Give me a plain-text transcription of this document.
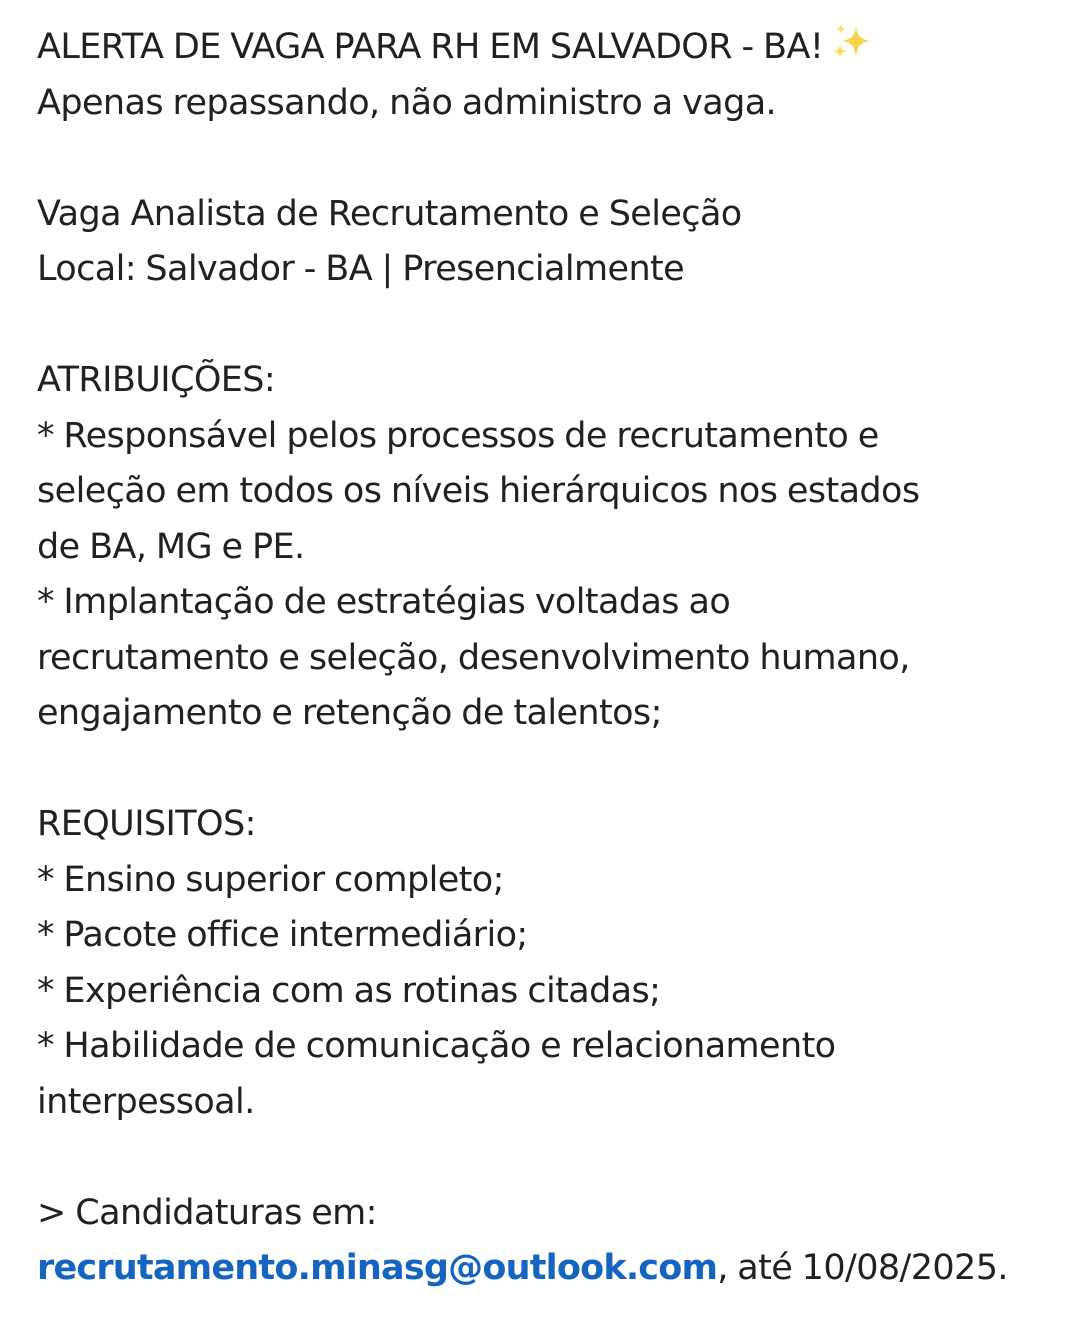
ALERTA DE VAGA PARA RH EM SALVADOR - BA!
Apenas repassando, não administro a vaga.
Vaga Analista de Recrutamento e Seleção
Local: Salvador - BA | Presencialmente
ATRIBUIÇÕES:
* Responsável pelos processos de recrutamento e
seleção em todos os níveis hierárquicos nos estados
de BA, MG e PE.
* Implantação de estratégias voltadas ao
recrutamento e seleção, desenvolvimento humano,
engajamento e retenção de talentos;
REQUISITOS:
* Ensino superior completo;
* Pacote office intermediário;
* Experiência com as rotinas citadas;
* Habilidade de comunicação e relacionamento
interpessoal.
> Candidaturas em:
recrutamento.minasg@outlook.com, até 10/08/2025.
